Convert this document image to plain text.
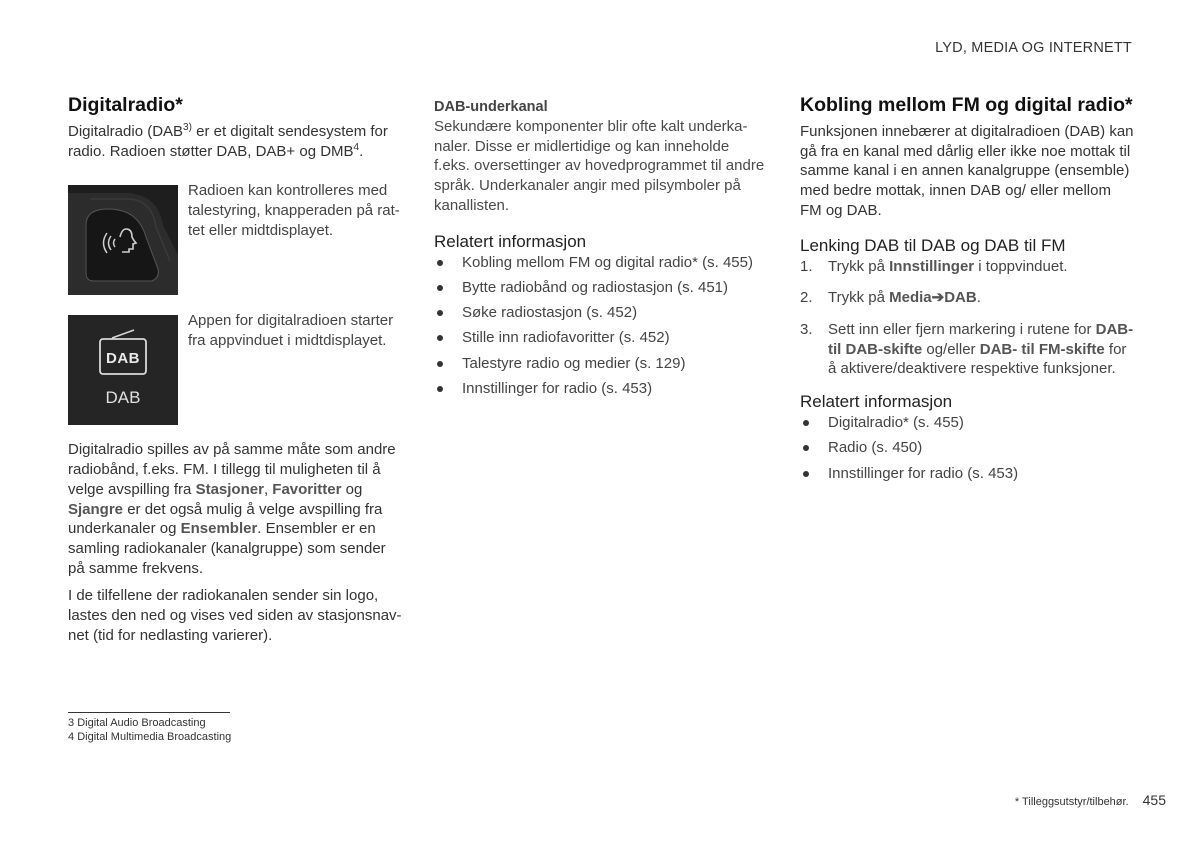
LYD, MEDIA OG INTERNETT
Digitalradio*

Digitalradio (DAB$^{3)}$ er et digitalt sendesystem for radio. Radioen støtter DAB, DAB+ og DMB$^4$.

Radioen kan kontrolleres med talestyring, knapperaden på rat-tet eller midtdisplayet.
DAB
DAB
Appen for digitalradioen starter fra appvinduet i midtdisplayet.

Digitalradio spilles av på samme måte som andre radiobånd, f.eks. FM. I tillegg til muligheten til å velge avspilling fra Stasjoner, Favoritter og Sjangre er det også mulig å velge avspilling fra underkanaler og Ensembler. Ensembler er en samling radiokanaler (kanalgruppe) som sender på samme frekvens.

I de tilfellene der radiokanalen sender sin logo, lastes den ned og vises ved siden av stasjonsnav-net (tid for nedlasting varierer).

DAB-underkanal

Sekundære komponenter blir ofte kalt underka-naler. Disse er midlertidige og kan inneholde f.eks. oversettinger av hovedprogrammet til andre språk. Underkanaler angir med pilsymboler på kanallisten.

Relatert informasjon
Kobling mellom FM og digital radio* (s. 455)
Bytte radiobånd og radiostasjon (s. 451)
Søke radiostasjon (s. 452)
Stille inn radiofavoritter (s. 452)
Talestyre radio og medier (s. 129)
Innstillinger for radio (s. 453)
Kobling mellom FM og digital radio*

Funksjonen innebærer at digitalradioen (DAB) kan gå fra en kanal med dårlig eller ikke noe mottak til samme kanal i en annen kanalgruppe (ensemble) med bedre mottak, innen DAB og/ eller mellom FM og DAB.

Lenking DAB til DAB og DAB til FM
1. Trykk på Innstillinger i toppvinduet.
2. Trykk på Media➔DAB.
3. Sett inn eller fjern markering i rutene for DAB-til DAB-skifte og/eller DAB- til FM-skifte for å aktivere/deaktivere respektive funksjoner.
Relatert informasjon
Digitalradio* (s. 455)
Radio (s. 450)
Innstillinger for radio (s. 453)
3 Digital Audio Broadcasting
4 Digital Multimedia Broadcasting
* Tilleggsutstyr/tilbehør. 455
